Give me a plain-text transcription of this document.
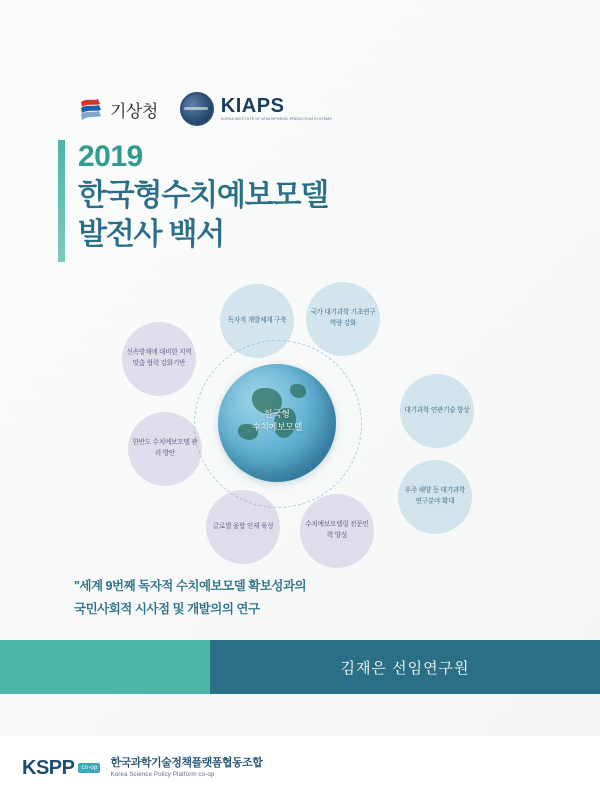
기상청	KIAPS
KOREA INSTITUTE OF ATMOSPHERIC PREDICTION SYSTEMS
2019
한국형수치예보모델
발전사 백서
국가 대기과학 기초연구 역량 강화
대기과학 연관기술 향상
우주 해양 등 대기과학 연구분야 확대
수치예보모델링 전문인력 양성
글로벌 융합 인재 육성
한반도 수치예보모델 관리 방안
신속방재에 대비한 지역맞춤 협력 강화기반
독자적 개발체계 구축
한국형
수치예보모델
"세계 9번째 독자적 수치예보모델 확보성과의
국민사회적 시사점 및 개발의의 연구
김재은 선임연구원
KSPP	co-op 한국과학기술정책플랫폼협동조합
Korea Science Policy Platform co-op
